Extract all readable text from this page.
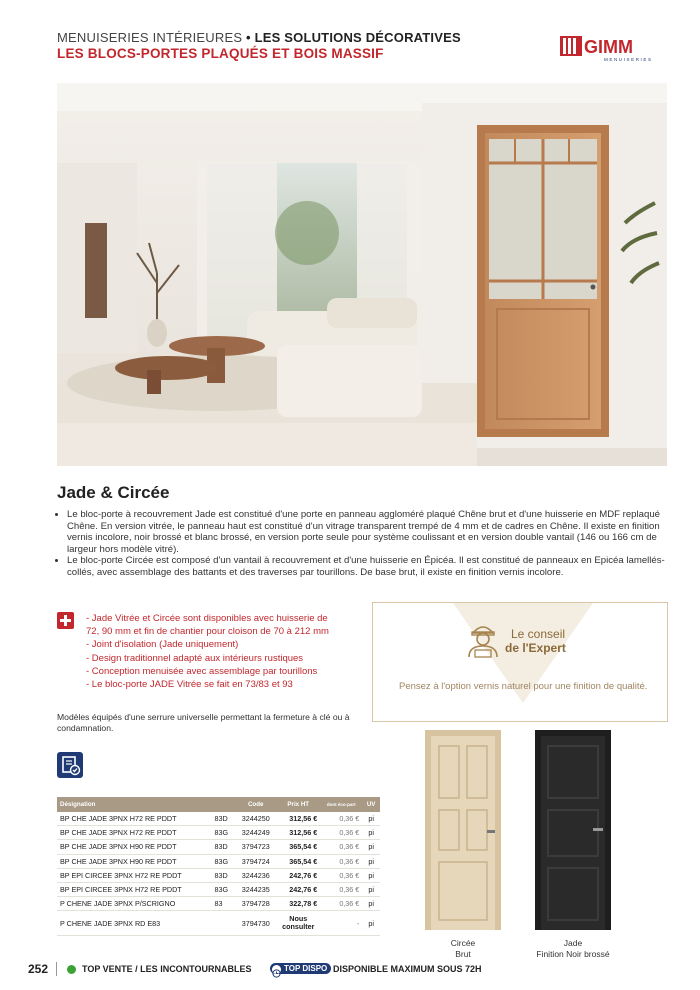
MENUISERIES INTÉRIEURES • LES SOLUTIONS DÉCORATIVES
LES BLOCS-PORTES PLAQUÉS ET BOIS MASSIF	GIMM
MENUISERIES
Jade & Circée
• Le bloc-porte à recouvrement Jade est constitué d'une porte en panneau aggloméré plaqué Chêne brut et d'une huisserie en MDF replaqué Chêne. En version vitrée, le panneau haut est constitué d'un vitrage transparent trempé de 4 mm et de cadres en Chêne. Il existe en finition vernis incolore, noir brossé et blanc brossé, en version porte seule pour système coulissant et en version double vantail (146 ou 166 cm de largeur hors modèle vitré).
• Le bloc-porte Circée est composé d'un vantail à recouvrement et d'une huisserie en Épicéa. Il est constitué de panneaux en Epicéa lamellés-collés, avec assemblage des battants et des traverses par tourillons. De base brut, il existe en finition vernis incolore.
- Jade Vitrée et Circée sont disponibles avec huisserie de
72, 90 mm et fin de chantier pour cloison de 70 à 212 mm
- Joint d'isolation (Jade uniquement)
- Design traditionnel adapté aux intérieurs rustiques
- Conception menuisée avec assemblage par tourillons
- Le bloc-porte JADE Vitrée se fait en 73/83 et 93
Modèles équipés d'une serrure universelle permettant la fermeture à clé ou à condamnation.
Le conseil
de l'Expert
Pensez à l'option vernis naturel pour une finition de qualité.
Désignation		Code	Prix HT	dont éco-part	UV
BP CHE JADE 3PNX H72 RE PDDT	83D	3244250	312,56 €	0,36 €	pi
BP CHE JADE 3PNX H72 RE PDDT	83G	3244249	312,56 €	0,36 €	pi
BP CHE JADE 3PNX H90 RE PDDT	83D	3794723	365,54 €	0,36 €	pi
BP CHE JADE 3PNX H90 RE PDDT	83G	3794724	365,54 €	0,36 €	pi
BP EPI CIRCEE 3PNX H72 RE PDDT	83D	3244236	242,76 €	0,36 €	pi
BP EPI CIRCEE 3PNX H72 RE PDDT	83G	3244235	242,76 €	0,36 €	pi
P CHENE JADE 3PNX P/SCRIGNO	83	3794728	322,78 €	0,36 €	pi
P CHENE JADE 3PNX RD E83		3794730	Nous consulter	-	pi
Circée
Brut
Jade
Finition Noir brossé
252	TOP VENTE / LES INCONTOURNABLES	TOP DISPO DISPONIBLE MAXIMUM SOUS 72H
